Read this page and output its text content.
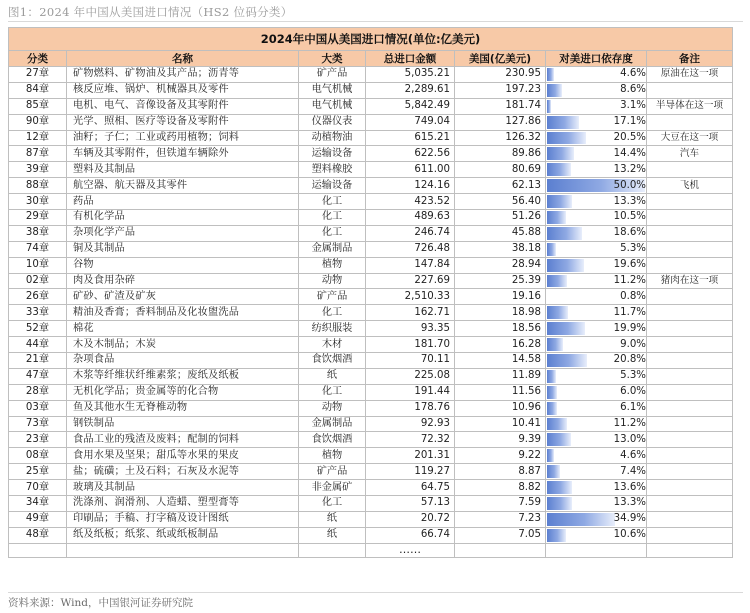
图1：2024 年中国从美国进口情况（HS2 位码分类）
2024年中国从美国进口情况(单位:亿美元)						
分类	名称	大类	总进口金额	美国(亿美元)	对美进口依存度	备注
27章	矿物燃料、矿物油及其产品；沥青等	矿产品	5,035.21	230.95	4.6%	原油在这一项
84章	核反应堆、锅炉、机械器具及零件	电气机械	2,289.61	197.23	8.6%	
85章	电机、电气、音像设备及其零附件	电气机械	5,842.49	181.74	3.1%	半导体在这一项
90章	光学、照相、医疗等设备及零附件	仪器仪表	749.04	127.86	17.1%	
12章	油籽；子仁；工业或药用植物；饲料	动植物油	615.21	126.32	20.5%	大豆在这一项
87章	车辆及其零附件，但铁道车辆除外	运输设备	622.56	89.86	14.4%	汽车
39章	塑料及其制品	塑料橡胶	611.00	80.69	13.2%	
88章	航空器、航天器及其零件	运输设备	124.16	62.13	50.0%	飞机
30章	药品	化工	423.52	56.40	13.3%	
29章	有机化学品	化工	489.63	51.26	10.5%	
38章	杂项化学产品	化工	246.74	45.88	18.6%	
74章	铜及其制品	金属制品	726.48	38.18	5.3%	
10章	谷物	植物	147.84	28.94	19.6%	
02章	肉及食用杂碎	动物	227.69	25.39	11.2%	猪肉在这一项
26章	矿砂、矿渣及矿灰	矿产品	2,510.33	19.16	0.8%	
33章	精油及香膏；香料制品及化妆盥洗品	化工	162.71	18.98	11.7%	
52章	棉花	纺织服装	93.35	18.56	19.9%	
44章	木及木制品；木炭	木材	181.70	16.28	9.0%	
21章	杂项食品	食饮烟酒	70.11	14.58	20.8%	
47章	木浆等纤维状纤维素浆；废纸及纸板	纸	225.08	11.89	5.3%	
28章	无机化学品；贵金属等的化合物	化工	191.44	11.56	6.0%	
03章	鱼及其他水生无脊椎动物	动物	178.76	10.96	6.1%	
73章	钢铁制品	金属制品	92.93	10.41	11.2%	
23章	食品工业的残渣及废料；配制的饲料	食饮烟酒	72.32	9.39	13.0%	
08章	食用水果及坚果；甜瓜等水果的果皮	植物	201.31	9.22	4.6%	
25章	盐；硫磺；土及石料；石灰及水泥等	矿产品	119.27	8.87	7.4%	
70章	玻璃及其制品	非金属矿	64.75	8.82	13.6%	
34章	洗涤剂、润滑剂、人造蜡、塑型膏等	化工	57.13	7.59	13.3%	
49章	印刷品；手稿、打字稿及设计图纸	纸	20.72	7.23	34.9%	
48章	纸及纸板；纸浆、纸或纸板制品	纸	66.74	7.05	10.6%	
			……			
资料来源：Wind，中国银河证券研究院
